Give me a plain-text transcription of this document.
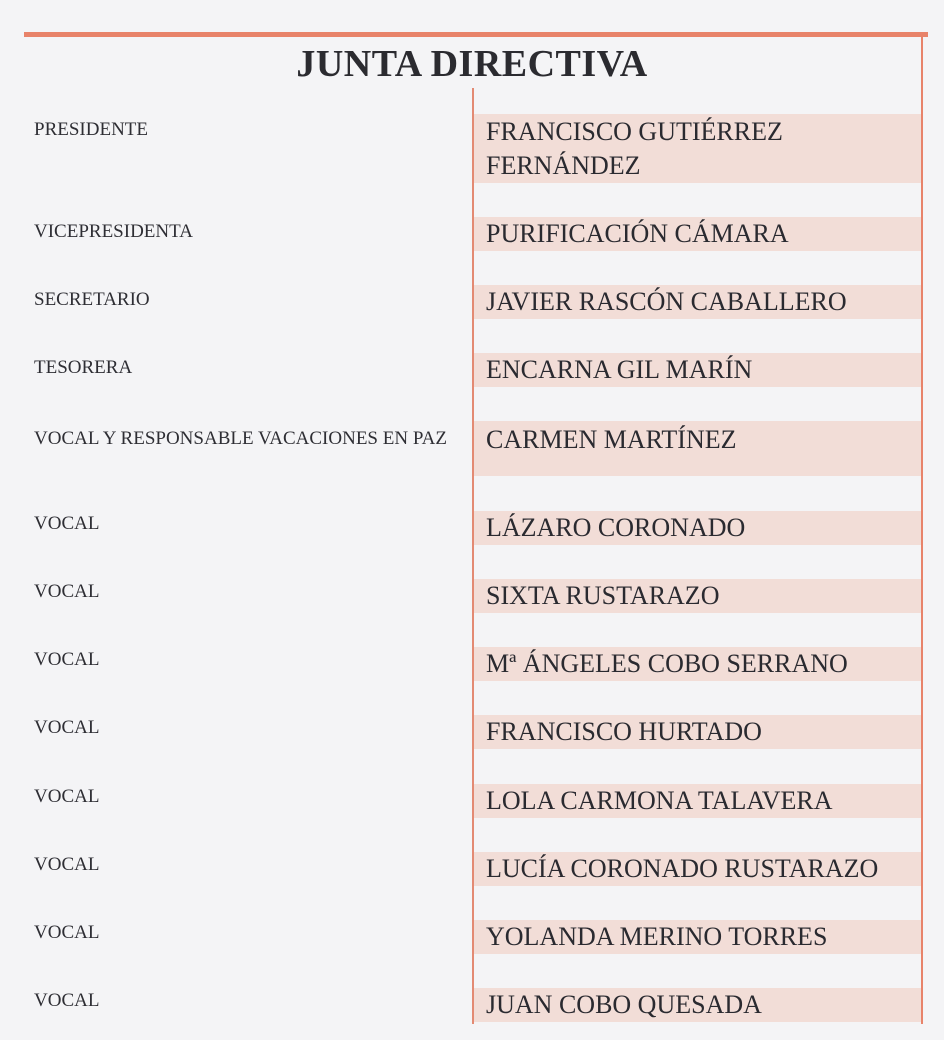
JUNTA DIRECTIVA
PRESIDENTE	FRANCISCO GUTIÉRREZ
FERNÁNDEZ
VICEPRESIDENTA	PURIFICACIÓN CÁMARA
SECRETARIO	JAVIER RASCÓN CABALLERO
TESORERA	ENCARNA GIL MARÍN
VOCAL Y RESPONSABLE VACACIONES EN PAZ	CARMEN MARTÍNEZ
VOCAL	LÁZARO CORONADO
VOCAL	SIXTA RUSTARAZO
VOCAL	Mª ÁNGELES COBO SERRANO
VOCAL	FRANCISCO HURTADO
VOCAL	LOLA CARMONA TALAVERA
VOCAL	LUCÍA CORONADO RUSTARAZO
VOCAL	YOLANDA MERINO TORRES
VOCAL	JUAN COBO QUESADA
